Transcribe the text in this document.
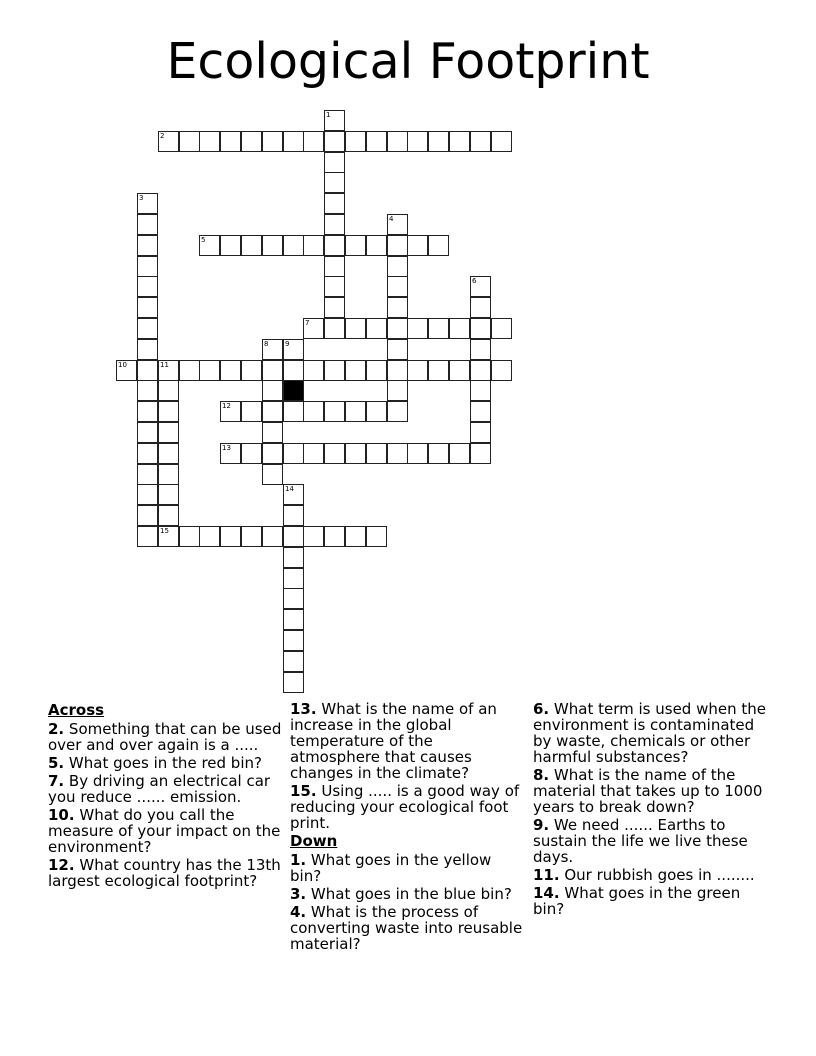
Ecological Footprint
1
2
3
4
5
6
7
8 9
10	11
12
13
14
15
Across
2. Something that can be used over and over again is a .....
5. What goes in the red bin?
7. By driving an electrical car you reduce ...... emission.
10. What do you call the measure of your impact on the environment?
12. What country has the 13th largest ecological footprint?
13. What is the name of an increase in the global temperature of the atmosphere that causes changes in the climate?
15. Using ..... is a good way of reducing your ecological foot print.
Down
1. What goes in the yellow bin?
3. What goes in the blue bin?
4. What is the process of converting waste into reusable material?
6. What term is used when the environment is contaminated by waste, chemicals or other harmful substances?
8. What is the name of the material that takes up to 1000 years to break down?
9. We need ...... Earths to sustain the life we live these days.
11. Our rubbish goes in ........
14. What goes in the green bin?
